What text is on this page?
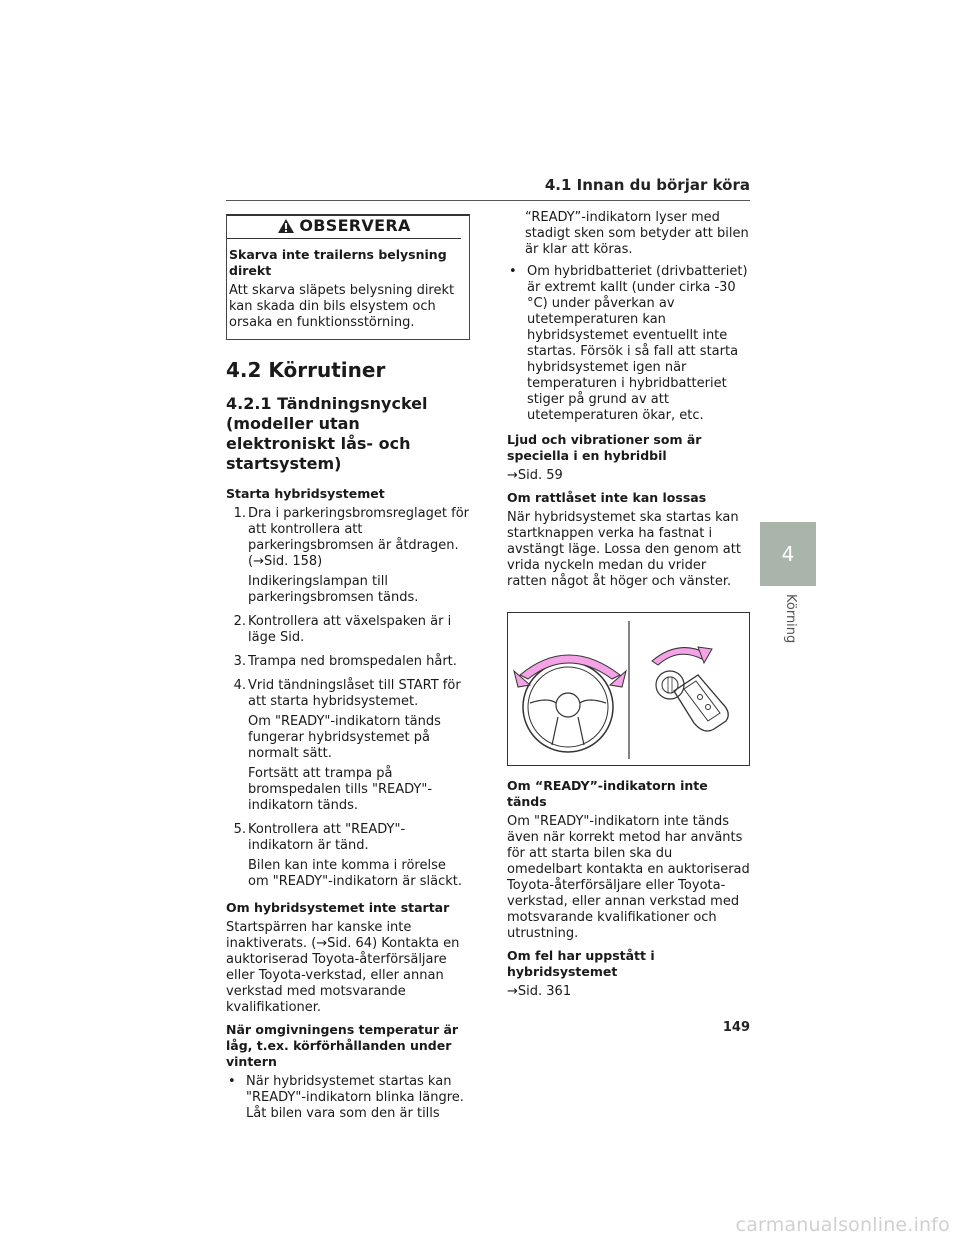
4.1 Innan du börjar köra
OBSERVERA

Skarva inte trailerns belysning direkt

Att skarva släpets belysning direkt kan skada din bils elsystem och orsaka en funktionsstörning.

4.2 Körrutiner
4.2.1 Tändningsnyckel (modeller utan elektroniskt lås- och startsystem)

Starta hybridsystemet

1. Dra i parkeringsbromsreglaget för att kontrollera att parkeringsbromsen är åtdragen. (→Sid. 158)

Indikeringslampan till parkeringsbromsen tänds.

2. Kontrollera att växelspaken är i läge Sid.

3. Trampa ned bromspedalen hårt.

4. Vrid tändningslåset till START för att starta hybridsystemet.

Om "READY"-indikatorn tänds fungerar hybridsystemet på normalt sätt.

Fortsätt att trampa på bromspedalen tills "READY"-indikatorn tänds.

5. Kontrollera att "READY"-indikatorn är tänd.

Bilen kan inte komma i rörelse om "READY"-indikatorn är släckt.

Om hybridsystemet inte startar

Startspärren har kanske inte inaktiverats. (→Sid. 64) Kontakta en auktoriserad Toyota-återförsäljare eller Toyota-verkstad, eller annan verkstad med motsvarande kvalifikationer.

När omgivningens temperatur är låg, t.ex. körförhållanden under vintern

• När hybridsystemet startas kan "READY"-indikatorn blinka längre. Låt bilen vara som den är tills

“READY”-indikatorn lyser med stadigt sken som betyder att bilen är klar att köras.

• Om hybridbatteriet (drivbatteriet) är extremt kallt (under cirka -30 °C) under påverkan av utetemperaturen kan hybridsystemet eventuellt inte startas. Försök i så fall att starta hybridsystemet igen när temperaturen i hybridbatteriet stiger på grund av att utetemperaturen ökar, etc.

Ljud och vibrationer som är speciella i en hybridbil

→Sid. 59

Om rattlåset inte kan lossas

När hybridsystemet ska startas kan startknappen verka ha fastnat i avstängt läge. Lossa den genom att vrida nyckeln medan du vrider ratten något åt höger och vänster.

Om “READY”-indikatorn inte tänds

Om "READY"-indikatorn inte tänds även när korrekt metod har använts för att starta bilen ska du omedelbart kontakta en auktoriserad Toyota-återförsäljare eller Toyota-verkstad, eller annan verkstad med motsvarande kvalifikationer och utrustning.

Om fel har uppstått i hybridsystemet

→Sid. 361

4
Körning
149
carmanualsonline.info
